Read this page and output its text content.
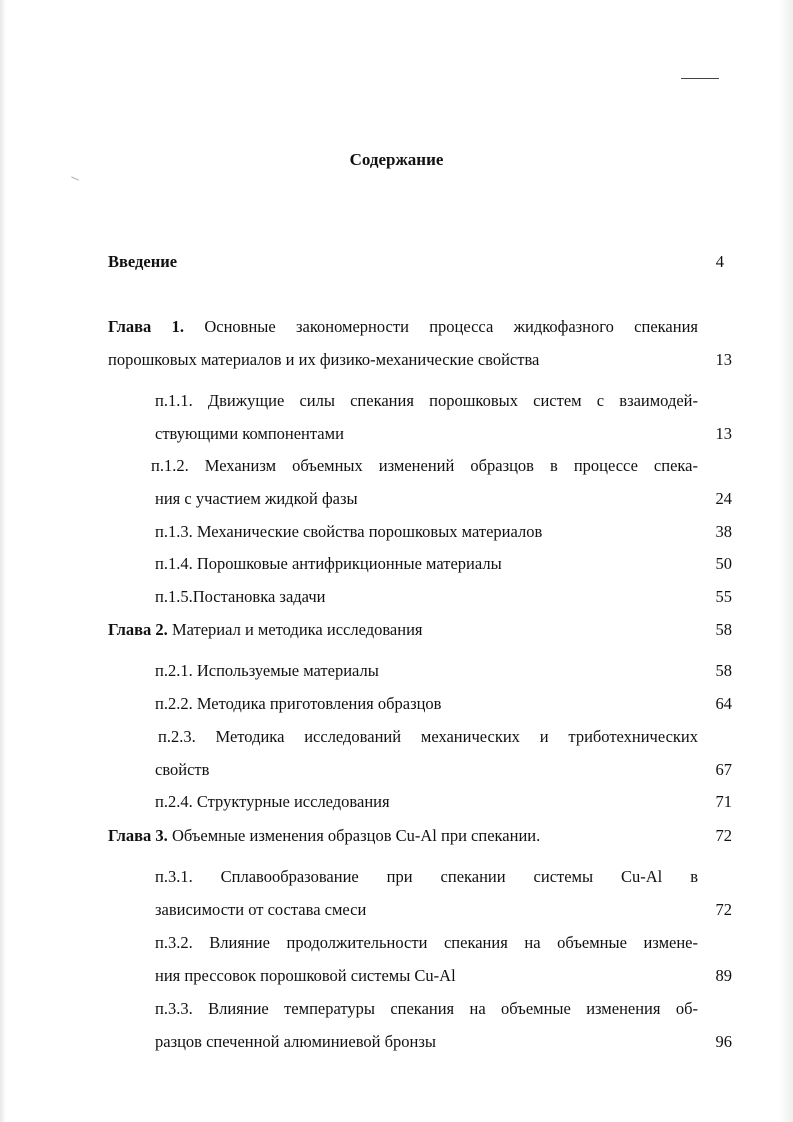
Содержание
Введение	4
Глава 1. Основные закономерности процесса жидкофазного спекания
порошковых материалов и их физико-механические свойства	13
п.1.1. Движущие силы спекания порошковых систем с взаимодей-
ствующими компонентами	13
п.1.2. Механизм объемных изменений образцов в процессе спека-
ния с участием жидкой фазы	24
п.1.3. Механические свойства порошковых материалов	38
п.1.4. Порошковые антифрикционные материалы	50
п.1.5.Постановка задачи	55
Глава 2. Материал и методика исследования	58
п.2.1. Используемые материалы	58
п.2.2. Методика приготовления образцов	64
п.2.3. Методика исследований механических и триботехнических
свойств	67
п.2.4. Структурные исследования	71
Глава 3. Объемные изменения образцов Cu-Al при спекании.	72
п.3.1. Сплавообразование при спекании системы Cu-Al в
зависимости от состава смеси	72
п.3.2. Влияние продолжительности спекания на объемные измене-
ния прессовок порошковой системы Cu-Al	89
п.3.3. Влияние температуры спекания на объемные изменения об-
разцов спеченной алюминиевой бронзы	96
